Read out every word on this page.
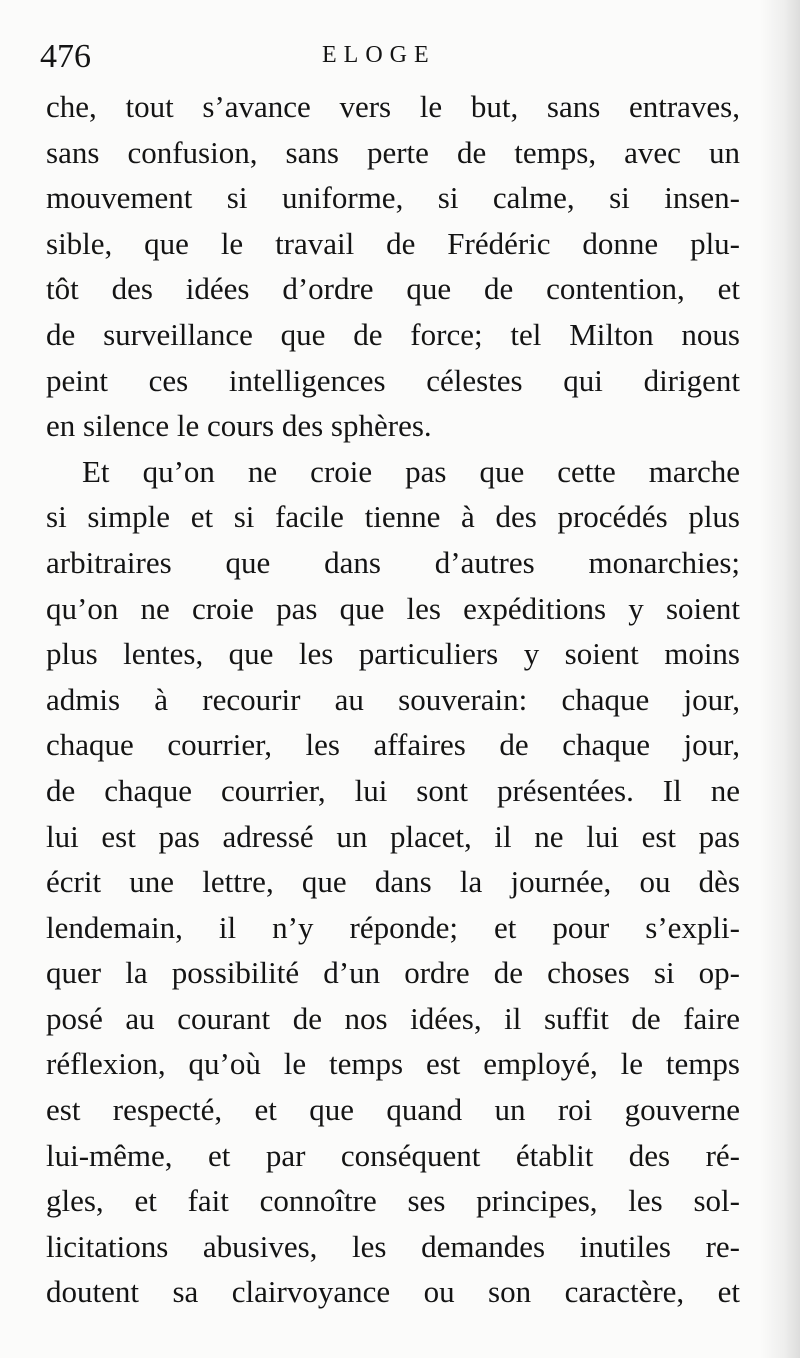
476	ELOGE
che, tout s’avance vers le but, sans entraves,
sans confusion, sans perte de temps, avec un
mouvement si uniforme, si calme, si insen-
sible, que le travail de Frédéric donne plu-
tôt des idées d’ordre que de contention, et
de surveillance que de force; tel Milton nous
peint ces intelligences célestes qui dirigent
en silence le cours des sphères.
Et qu’on ne croie pas que cette marche
si simple et si facile tienne à des procédés plus
arbitraires que dans d’autres monarchies;
qu’on ne croie pas que les expéditions y soient
plus lentes, que les particuliers y soient moins
admis à recourir au souverain: chaque jour,
chaque courrier, les affaires de chaque jour,
de chaque courrier, lui sont présentées. Il ne
lui est pas adressé un placet, il ne lui est pas
écrit une lettre, que dans la journée, ou dès
lendemain, il n’y réponde; et pour s’expli-
quer la possibilité d’un ordre de choses si op-
posé au courant de nos idées, il suffit de faire
réflexion, qu’où le temps est employé, le temps
est respecté, et que quand un roi gouverne
lui-même, et par conséquent établit des ré-
gles, et fait connoître ses principes, les sol-
licitations abusives, les demandes inutiles re-
doutent sa clairvoyance ou son caractère, et
